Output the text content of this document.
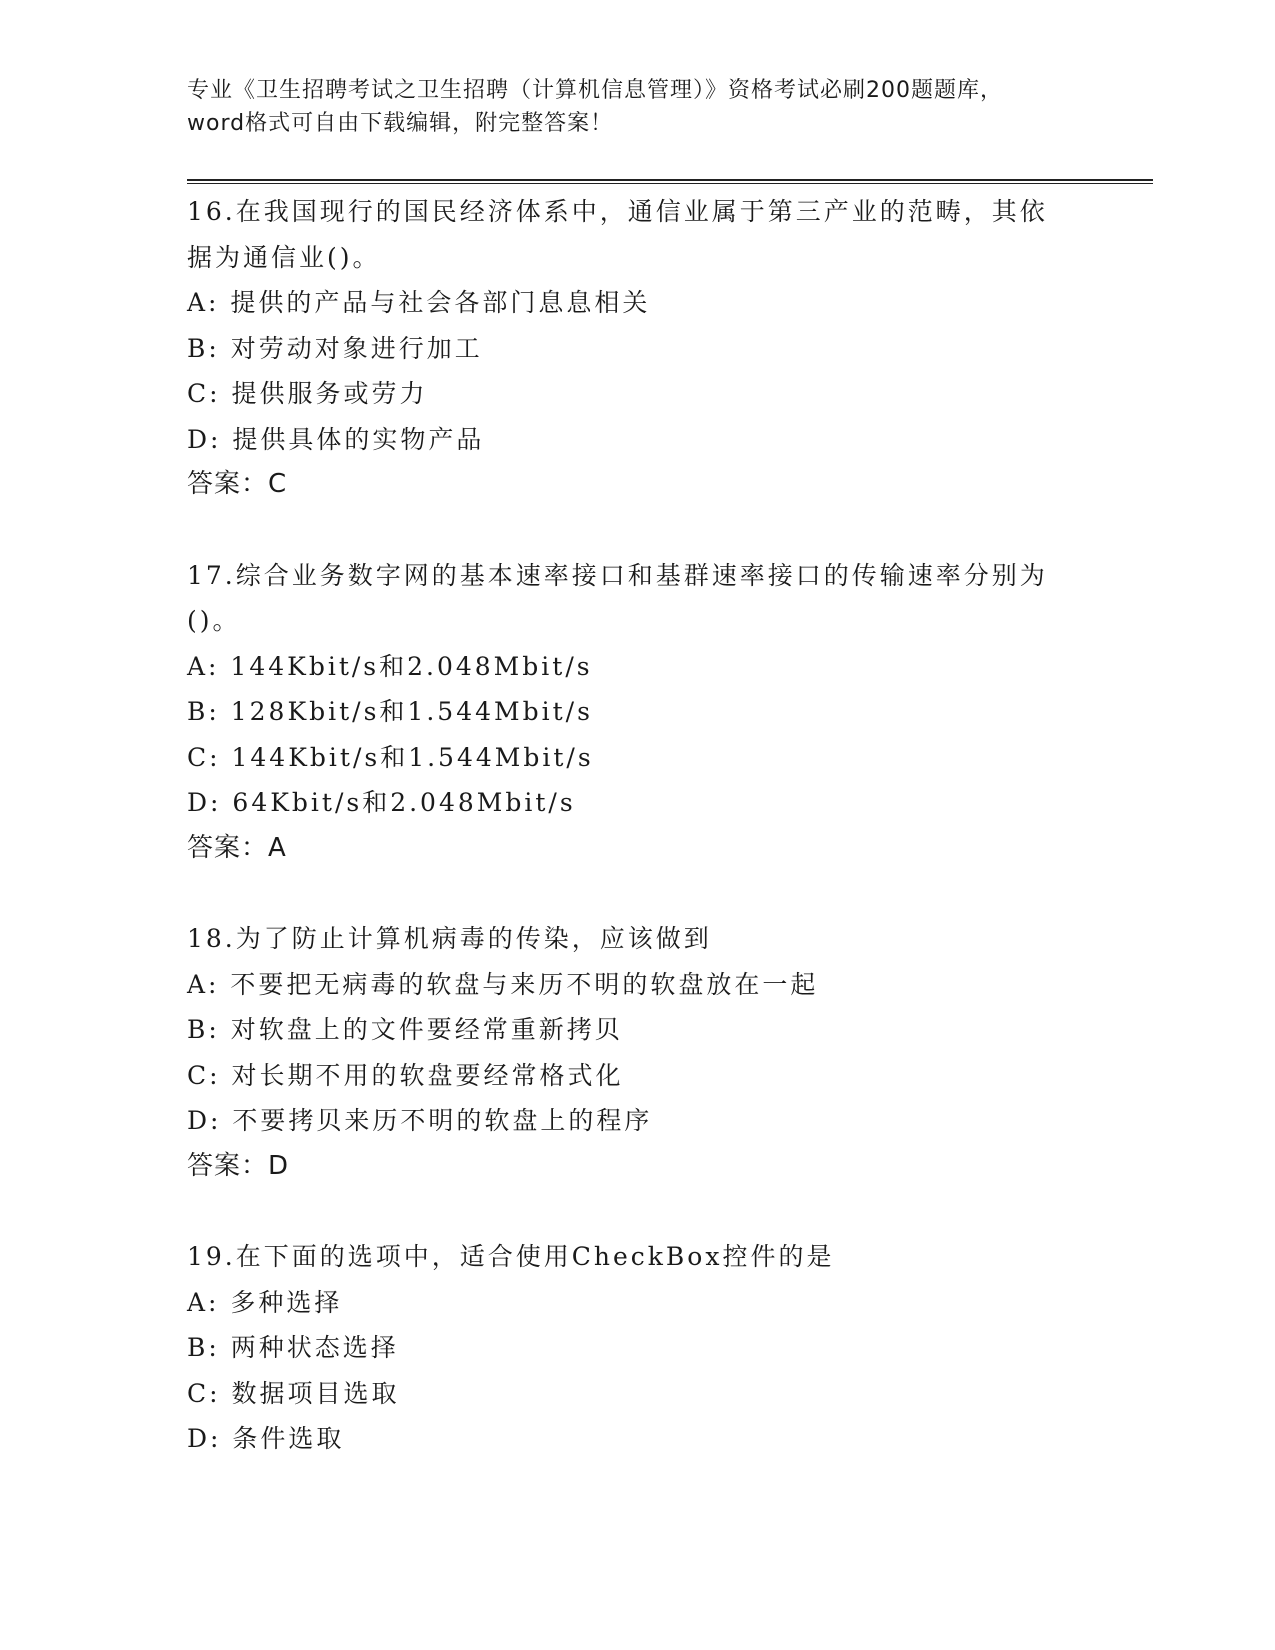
专业《卫生招聘考试之卫生招聘（计算机信息管理）》资格考试必刷200题题库，
word格式可自由下载编辑，附完整答案！
16.在我国现行的国民经济体系中，通信业属于第三产业的范畴，其依
据为通信业()。
A: 提供的产品与社会各部门息息相关
B: 对劳动对象进行加工
C: 提供服务或劳力
D: 提供具体的实物产品
答案：C
17.综合业务数字网的基本速率接口和基群速率接口的传输速率分别为
()。
A: 144Kbit/s和2.048Mbit/s
B: 128Kbit/s和1.544Mbit/s
C: 144Kbit/s和1.544Mbit/s
D: 64Kbit/s和2.048Mbit/s
答案：A
18.为了防止计算机病毒的传染，应该做到
A: 不要把无病毒的软盘与来历不明的软盘放在一起
B: 对软盘上的文件要经常重新拷贝
C: 对长期不用的软盘要经常格式化
D: 不要拷贝来历不明的软盘上的程序
答案：D
19.在下面的选项中，适合使用CheckBox控件的是
A: 多种选择
B: 两种状态选择
C: 数据项目选取
D: 条件选取
